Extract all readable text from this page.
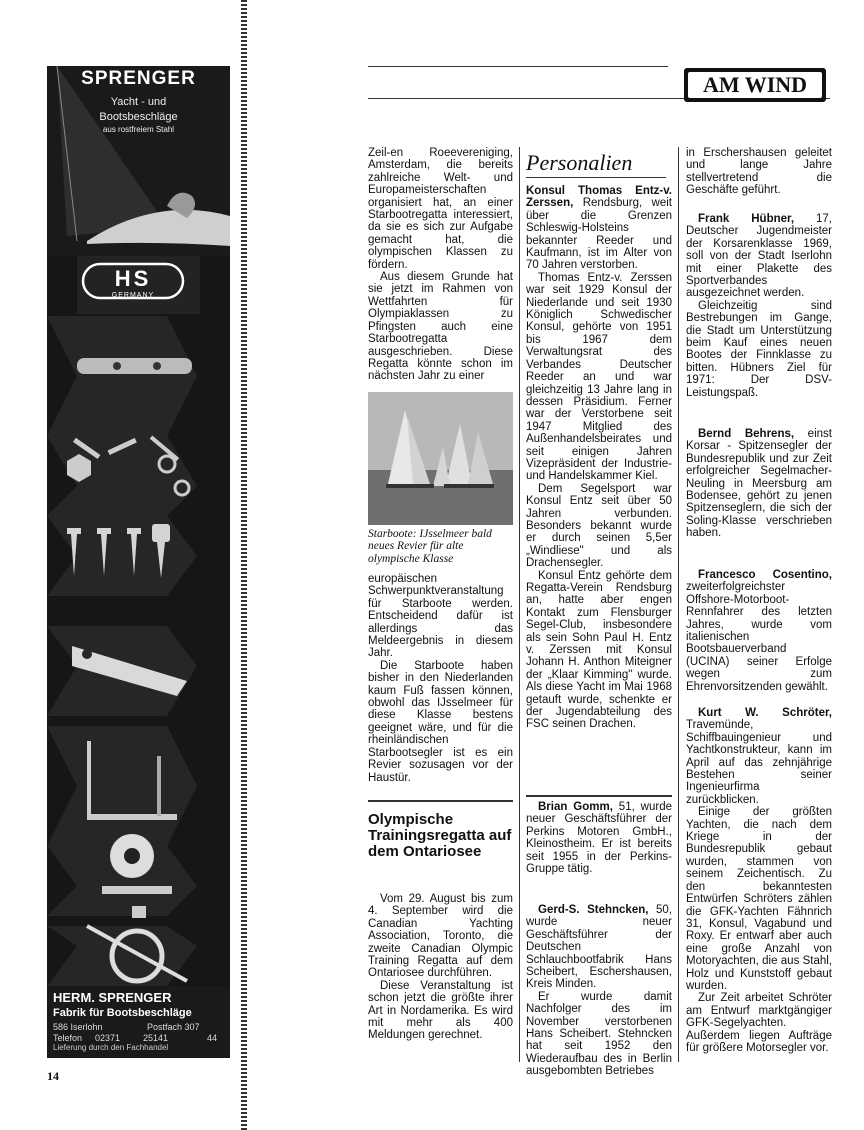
SPRENGER
Yacht - und
Bootsbeschläge
aus rostfreiem Stahl
HS
GERMANY
HERM. SPRENGER
Fabrik für Bootsbeschläge
586 Iserlohn	Postfach 307
Telefon 02371	25141	44
Lieferung durch den Fachhandel
14
AM WIND

Zeil-en Roeevereniging, Amsterdam, die bereits zahlreiche Welt- und Europameisterschaften organisiert hat, an einer Starbootregatta interessiert, da sie es sich zur Aufgabe gemacht hat, die olympischen Klassen zu fördern.

Aus diesem Grunde hat sie jetzt im Rahmen von Wettfahrten für Olympiaklassen zu Pfingsten auch eine Starbootregatta ausgeschrieben. Diese Regatta könnte schon im nächsten Jahr zu einer

Starboote: IJsselmeer bald neues Revier für alte olympische Klasse

europäischen Schwerpunktveranstaltung für Starboote werden. Entscheidend dafür ist allerdings das Meldeergebnis in diesem Jahr.

Die Starboote haben bisher in den Niederlanden kaum Fuß fassen können, obwohl das IJsselmeer für diese Klasse bestens geeignet wäre, und für die rheinländischen Starbootsegler ist es ein Revier sozusagen vor der Haustür.

Olympische Trainingsregatta auf dem Ontariosee

Vom 29. August bis zum 4. September wird die Canadian Yachting Association, Toronto, die zweite Canadian Olympic Training Regatta auf dem Ontariosee durchführen.

Diese Veranstaltung ist schon jetzt die größte ihrer Art in Nordamerika. Es wird mit mehr als 400 Meldungen gerechnet.

Personalien

Konsul Thomas Entz-v. Zerssen, Rendsburg, weit über die Grenzen Schleswig-Holsteins bekannter Reeder und Kaufmann, ist im Alter von 70 Jahren verstorben.

Thomas Entz-v. Zerssen war seit 1929 Konsul der Niederlande und seit 1930 Königlich Schwedischer Konsul, gehörte von 1951 bis 1967 dem Verwaltungsrat des Verbandes Deutscher Reeder an und war gleichzeitig 13 Jahre lang in dessen Präsidium. Ferner war der Verstorbene seit 1947 Mitglied des Außenhandelsbeirates und seit einigen Jahren Vizepräsident der Industrie- und Handelskammer Kiel.

Dem Segelsport war Konsul Entz seit über 50 Jahren verbunden. Besonders bekannt wurde er durch seinen 5,5er „Windliese" und als Drachensegler.

Konsul Entz gehörte dem Regatta-Verein Rendsburg an, hatte aber engen Kontakt zum Flensburger Segel-Club, insbesondere als sein Sohn Paul H. Entz v. Zerssen mit Konsul Johann H. Anthon Miteigner der „Klaar Kimming" wurde. Als diese Yacht im Mai 1968 getauft wurde, schenkte er der Jugendabteilung des FSC seinen Drachen.

Brian Gomm, 51, wurde neuer Geschäftsführer der Perkins Motoren GmbH., Kleinostheim. Er ist bereits seit 1955 in der Perkins-Gruppe tätig.

Gerd-S. Stehncken, 50, wurde neuer Geschäftsführer der Deutschen Schlauchbootfabrik Hans Scheibert, Eschershausen, Kreis Minden.

Er wurde damit Nachfolger des im November verstorbenen Hans Scheibert. Stehncken hat seit 1952 den Wiederaufbau des in Berlin ausgebombten Betriebes

in Erschershausen geleitet und lange Jahre stellvertretend die Geschäfte geführt.

Frank Hübner, 17, Deutscher Jugendmeister der Korsarenklasse 1969, soll von der Stadt Iserlohn mit einer Plakette des Sportverbandes ausgezeichnet werden.

Gleichzeitig sind Bestrebungen im Gange, die Stadt um Unterstützung beim Kauf eines neuen Bootes der Finnklasse zu bitten. Hübners Ziel für 1971: Der DSV-Leistungspaß.

Bernd Behrens, einst Korsar - Spitzensegler der Bundesrepublik und zur Zeit erfolgreicher Segelmacher-Neuling in Meersburg am Bodensee, gehört zu jenen Spitzenseglern, die sich der Soling-Klasse verschrieben haben.

Francesco Cosentino, zweiterfolgreichster Offshore-Motorboot-Rennfahrer des letzten Jahres, wurde vom italienischen Bootsbauerverband (UCINA) seiner Erfolge wegen zum Ehrenvorsitzenden gewählt.

Kurt W. Schröter, Travemünde, Schiffbauingenieur und Yachtkonstrukteur, kann im April auf das zehnjährige Bestehen seiner Ingenieurfirma zurückblicken.

Einige der größten Yachten, die nach dem Kriege in der Bundesrepublik gebaut wurden, stammen von seinem Zeichentisch. Zu den bekanntesten Entwürfen Schröters zählen die GFK-Yachten Fähnrich 31, Konsul, Vagabund und Roxy. Er entwarf aber auch eine große Anzahl von Motoryachten, die aus Stahl, Holz und Kunststoff gebaut wurden.

Zur Zeit arbeitet Schröter am Entwurf marktgängiger GFK-Segelyachten. Außerdem liegen Aufträge für größere Motorsegler vor.
